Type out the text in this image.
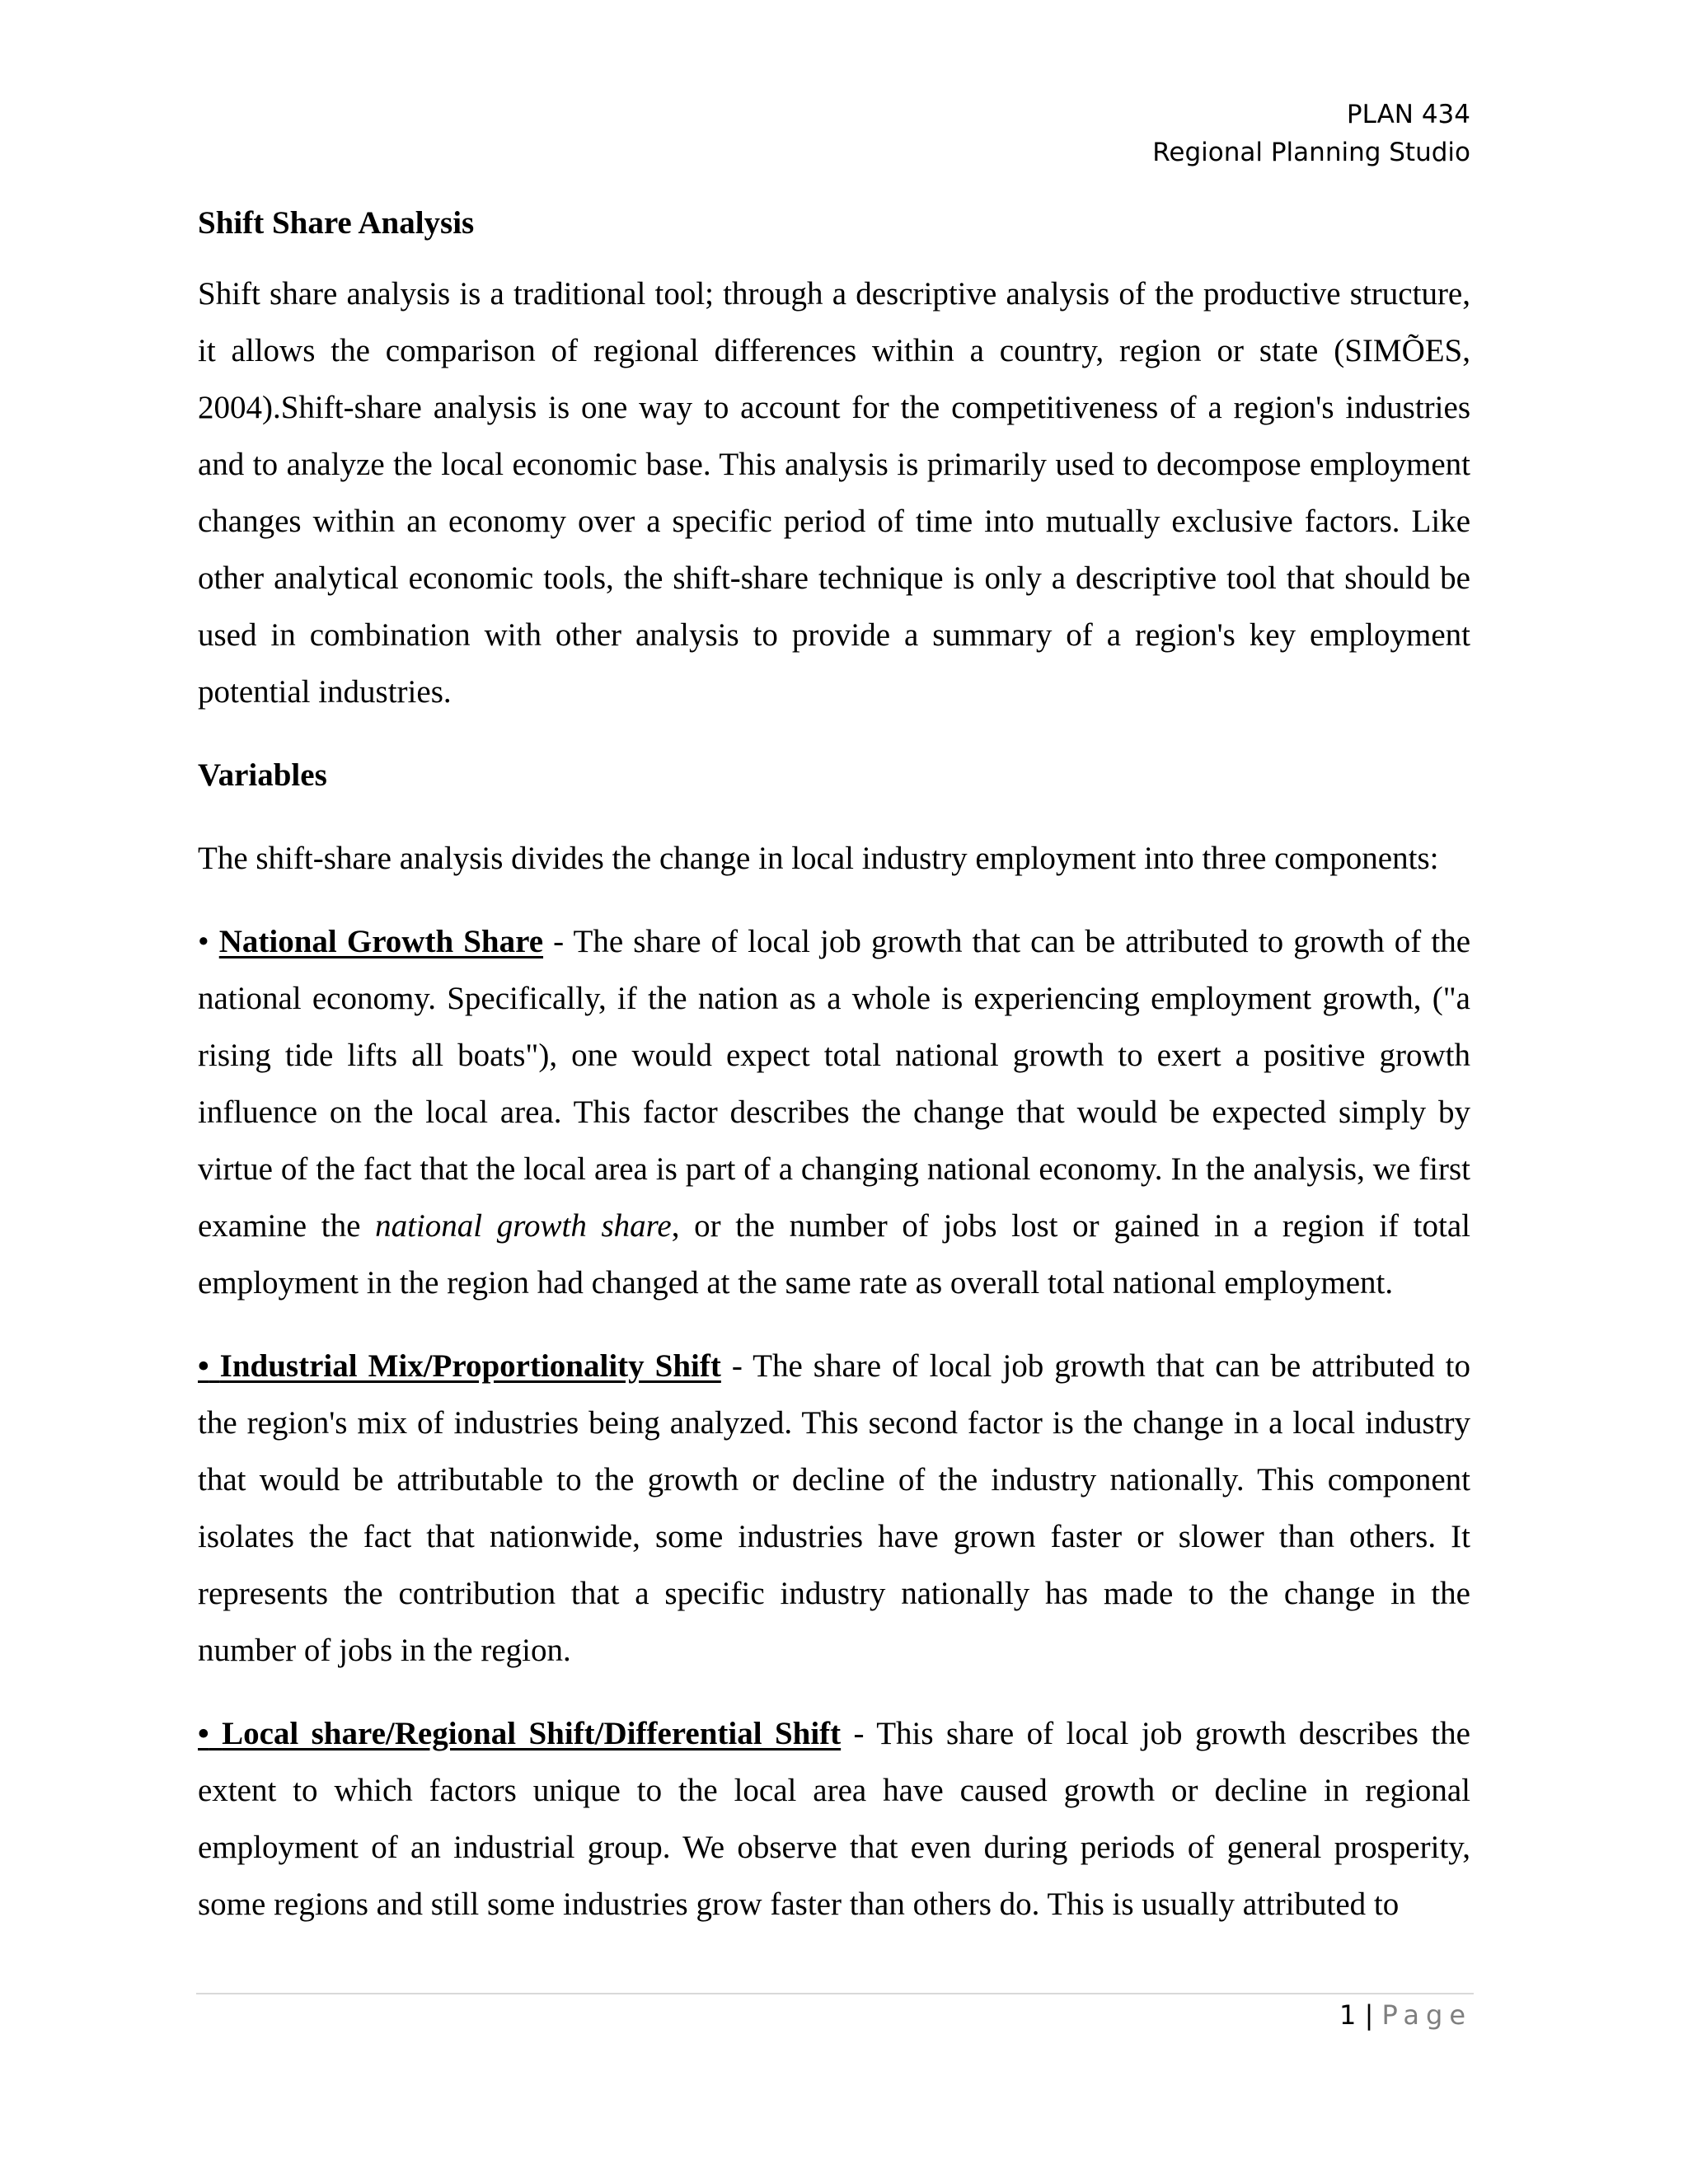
PLAN 434
Regional Planning Studio

Shift Share Analysis

Shift share analysis is a traditional tool; through a descriptive analysis of the productive structure, it allows the comparison of regional differences within a country, region or state (SIMÕES, 2004).Shift-share analysis is one way to account for the competitiveness of a region's industries and to analyze the local economic base. This analysis is primarily used to decompose employment changes within an economy over a specific period of time into mutually exclusive factors. Like other analytical economic tools, the shift-share technique is only a descriptive tool that should be used in combination with other analysis to provide a summary of a region's key employment potential industries.

Variables

The shift-share analysis divides the change in local industry employment into three components:

• National Growth Share - The share of local job growth that can be attributed to growth of the national economy. Specifically, if the nation as a whole is experiencing employment growth, ("a rising tide lifts all boats"), one would expect total national growth to exert a positive growth influence on the local area. This factor describes the change that would be expected simply by virtue of the fact that the local area is part of a changing national economy. In the analysis, we first examine the national growth share, or the number of jobs lost or gained in a region if total employment in the region had changed at the same rate as overall total national employment.

• Industrial Mix/Proportionality Shift - The share of local job growth that can be attributed to the region's mix of industries being analyzed. This second factor is the change in a local industry that would be attributable to the growth or decline of the industry nationally. This component isolates the fact that nationwide, some industries have grown faster or slower than others. It represents the contribution that a specific industry nationally has made to the change in the number of jobs in the region.

• Local share/Regional Shift/Differential Shift - This share of local job growth describes the extent to which factors unique to the local area have caused growth or decline in regional employment of an industrial group. We observe that even during periods of general prosperity, some regions and still some industries grow faster than others do. This is usually attributed to

1 | Page
